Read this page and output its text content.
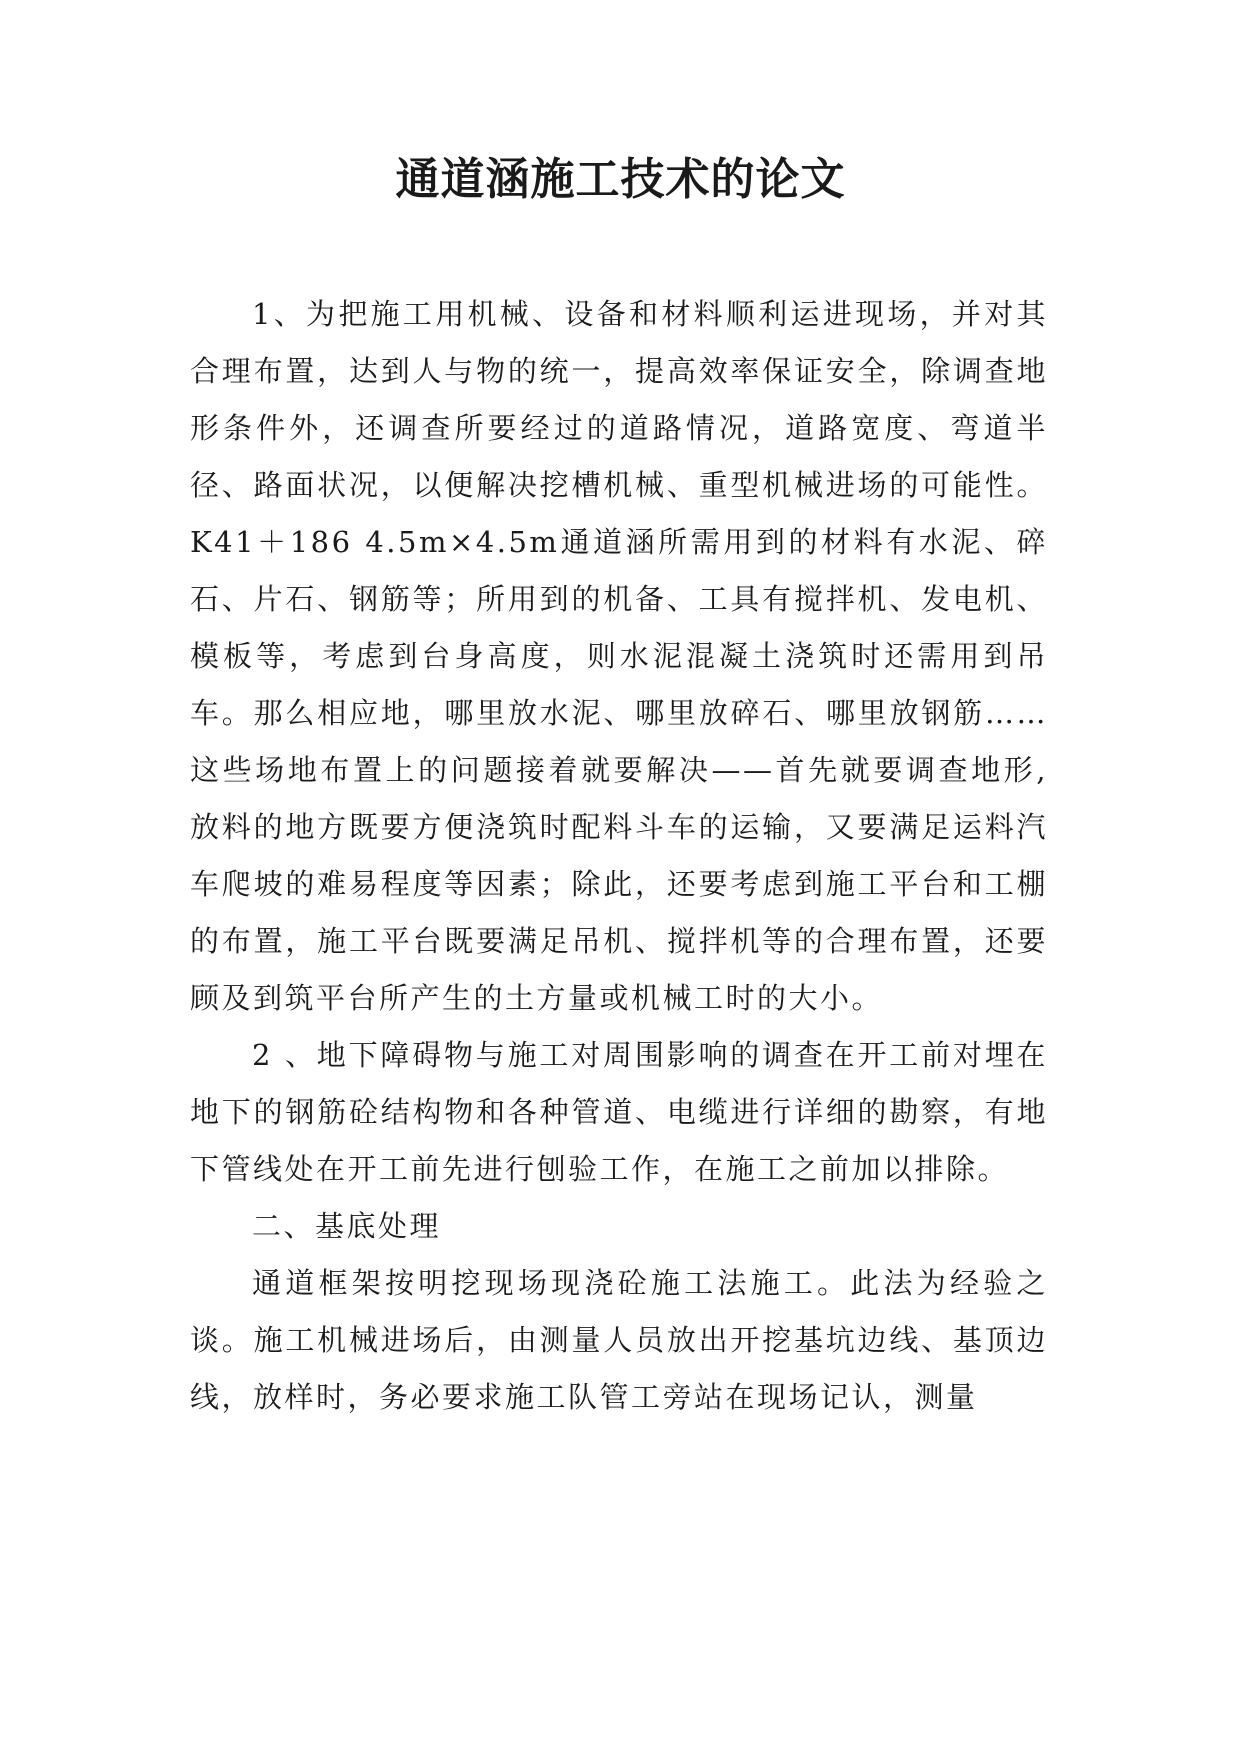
通道涵施工技术的论文

1、为把施工用机械、设备和材料顺利运进现场，并对其合理布置，达到人与物的统一，提高效率保证安全，除调查地形条件外，还调查所要经过的道路情况，道路宽度、弯道半径、路面状况，以便解决挖槽机械、重型机械进场的可能性。K41＋186 4.5m×4.5m通道涵所需用到的材料有水泥、碎石、片石、钢筋等；所用到的机备、工具有搅拌机、发电机、模板等，考虑到台身高度，则水泥混凝土浇筑时还需用到吊车。那么相应地，哪里放水泥、哪里放碎石、哪里放钢筋……这些场地布置上的问题接着就要解决——首先就要调查地形,放料的地方既要方便浇筑时配料斗车的运输，又要满足运料汽车爬坡的难易程度等因素；除此，还要考虑到施工平台和工棚的布置，施工平台既要满足吊机、搅拌机等的合理布置，还要顾及到筑平台所产生的土方量或机械工时的大小。

2 、地下障碍物与施工对周围影响的调查在开工前对埋在地下的钢筋砼结构物和各种管道、电缆进行详细的勘察，有地下管线处在开工前先进行刨验工作，在施工之前加以排除。

二、基底处理

通道框架按明挖现场现浇砼施工法施工。此法为经验之谈。施工机械进场后，由测量人员放出开挖基坑边线、基顶边线，放样时，务必要求施工队管工旁站在现场记认，测量
